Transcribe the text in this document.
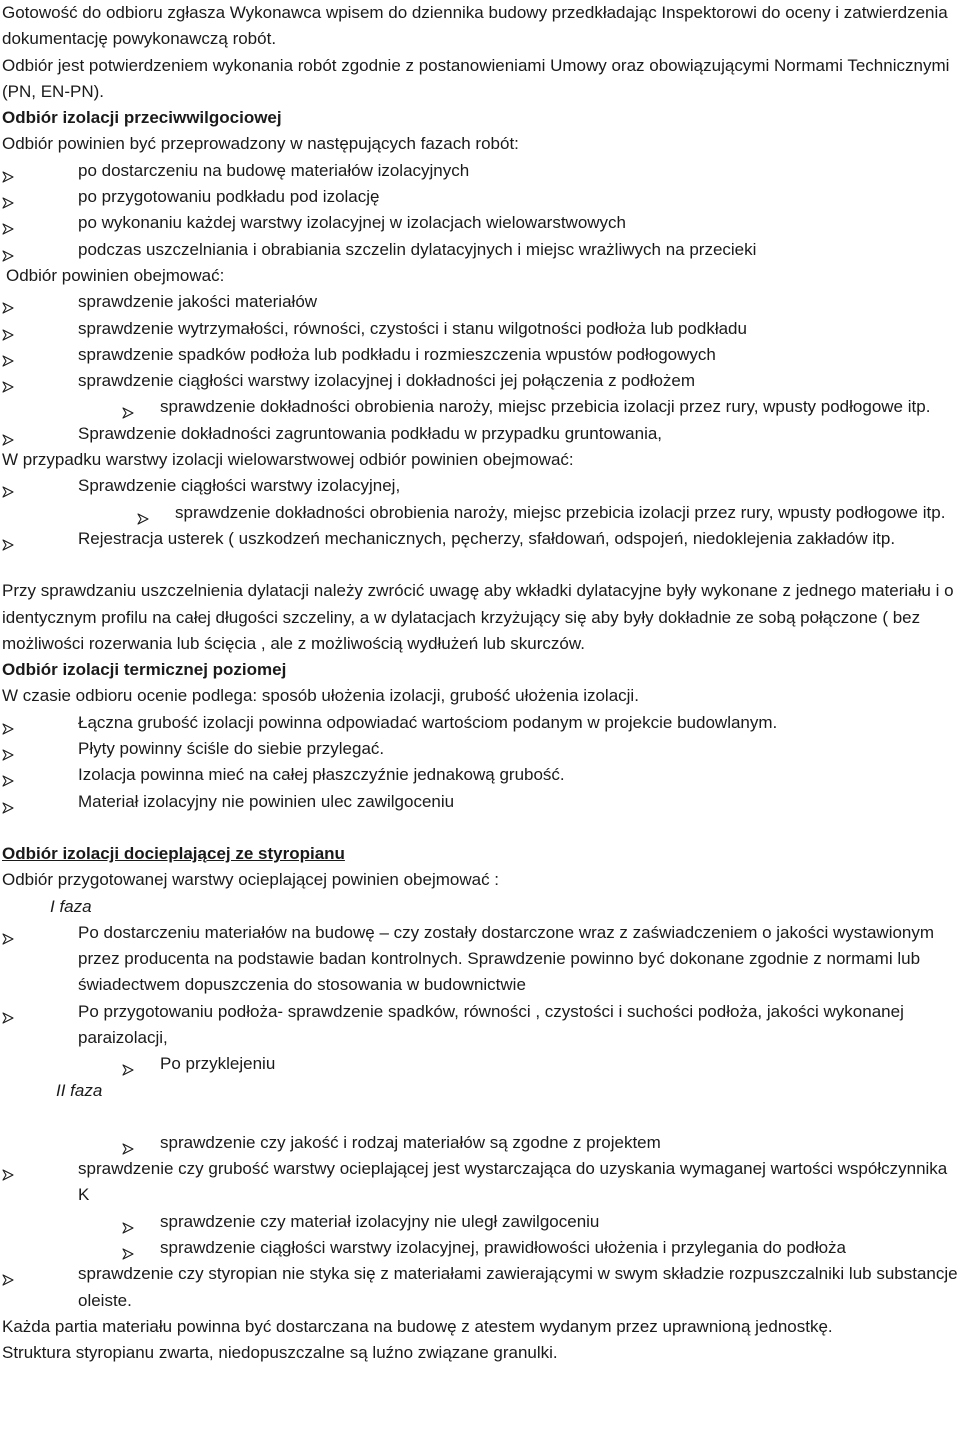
Gotowość do odbioru zgłasza Wykonawca wpisem do dziennika budowy przedkładając Inspektorowi do oceny i zatwierdzenia dokumentację powykonawczą robót.

Odbiór jest potwierdzeniem wykonania robót zgodnie z postanowieniami Umowy oraz obowiązującymi Normami Technicznymi (PN, EN-PN).

Odbiór izolacji przeciwwilgociowej

Odbiór powinien być przeprowadzony w następujących fazach robót:

po dostarczeniu na budowę materiałów izolacyjnych
po przygotowaniu podkładu pod izolację
po wykonaniu każdej warstwy izolacyjnej w izolacjach wielowarstwowych
podczas uszczelniania i obrabiania szczelin dylatacyjnych i miejsc wrażliwych na przecieki

Odbiór powinien obejmować:

sprawdzenie jakości materiałów
sprawdzenie wytrzymałości, równości, czystości i stanu wilgotności podłoża lub podkładu
sprawdzenie spadków podłoża lub podkładu i rozmieszczenia wpustów podłogowych
sprawdzenie ciągłości warstwy izolacyjnej i dokładności jej połączenia z podłożem
sprawdzenie dokładności obrobienia naroży, miejsc przebicia izolacji przez rury, wpusty podłogowe itp.
Sprawdzenie dokładności zagruntowania podkładu w przypadku gruntowania,

W przypadku warstwy izolacji wielowarstwowej odbiór powinien obejmować:

Sprawdzenie ciągłości warstwy izolacyjnej,
sprawdzenie dokładności obrobienia naroży, miejsc przebicia izolacji przez rury, wpusty podłogowe itp.
Rejestracja usterek ( uszkodzeń mechanicznych, pęcherzy, sfałdowań, odspojeń, niedoklejenia zakładów itp.

Przy sprawdzaniu uszczelnienia dylatacji należy zwrócić uwagę aby wkładki dylatacyjne były wykonane z jednego materiału i o identycznym profilu na całej długości szczeliny, a w dylatacjach krzyżujący się aby były dokładnie ze sobą połączone ( bez możliwości rozerwania lub ścięcia , ale z możliwością wydłużeń lub skurczów.

Odbiór izolacji termicznej poziomej

W czasie odbioru ocenie podlega: sposób ułożenia izolacji, grubość ułożenia izolacji.

Łączna grubość izolacji powinna odpowiadać wartościom podanym w projekcie budowlanym.
Płyty powinny ściśle do siebie przylegać.
Izolacja powinna mieć na całej płaszczyźnie jednakową grubość.
Materiał izolacyjny nie powinien ulec zawilgoceniu

Odbiór izolacji docieplającej ze styropianu

Odbiór przygotowanej warstwy ocieplającej powinien obejmować :

I faza

Po dostarczeniu materiałów na budowę – czy zostały dostarczone wraz z zaświadczeniem o jakości wystawionym przez producenta na podstawie badan kontrolnych. Sprawdzenie powinno być dokonane zgodnie z normami lub świadectwem dopuszczenia do stosowania w budownictwie
Po przygotowaniu podłoża- sprawdzenie spadków, równości , czystości i suchości podłoża, jakości wykonanej paraizolacji,
Po przyklejeniu

II faza

sprawdzenie czy jakość i rodzaj materiałów są zgodne z projektem
sprawdzenie czy grubość warstwy ocieplającej jest wystarczająca do uzyskania wymaganej wartości współczynnika K
sprawdzenie czy materiał izolacyjny nie uległ zawilgoceniu
sprawdzenie ciągłości warstwy izolacyjnej, prawidłowości ułożenia i przylegania do podłoża
sprawdzenie czy styropian nie styka się z materiałami zawierającymi w swym składzie rozpuszczalniki lub substancje oleiste.

Każda partia materiału powinna być dostarczana na budowę z atestem wydanym przez uprawnioną jednostkę.

Struktura styropianu zwarta, niedopuszczalne są luźno związane granulki.
